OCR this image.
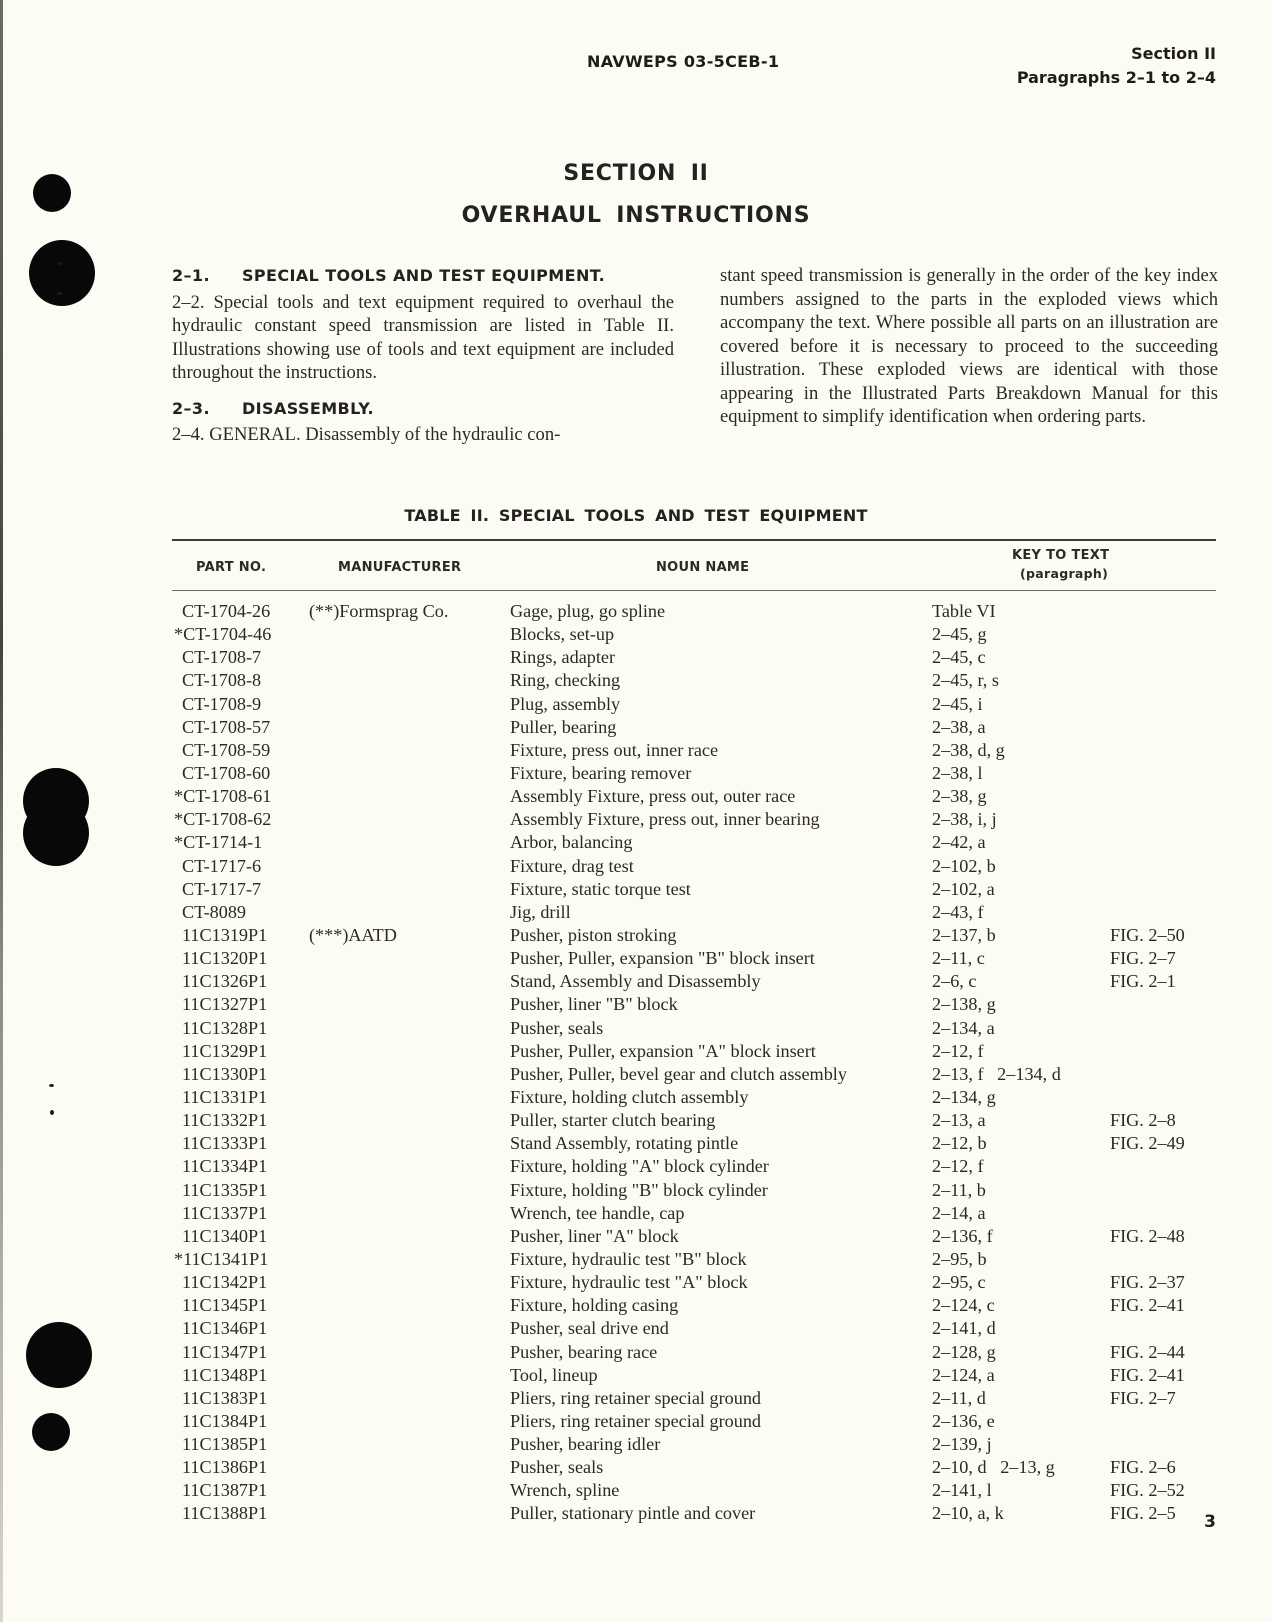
NAVWEPS 03-5CEB-1	Section II
Paragraphs 2–1 to 2–4
SECTION II
OVERHAUL INSTRUCTIONS

2–1. SPECIAL TOOLS AND TEST EQUIPMENT.

2–2. Special tools and text equipment required to overhaul the hydraulic constant speed transmission are listed in Table II. Illustrations showing use of tools and text equipment are included throughout the instructions.

2–3. DISASSEMBLY.

2–4. GENERAL. Disassembly of the hydraulic con-

stant speed transmission is generally in the order of the key index numbers assigned to the parts in the exploded views which accompany the text. Where possible all parts on an illustration are covered before it is necessary to proceed to the succeeding illustration. These exploded views are identical with those appearing in the Illustrated Parts Breakdown Manual for this equipment to simplify identification when ordering parts.

TABLE II. SPECIAL TOOLS AND TEST EQUIPMENT
PART NO.	MANUFACTURER	NOUN NAME
KEY TO TEXT
(paragraph)
CT-1704-26 (**)Formsprag Co.	Gage, plug, go spline	Table VI
*CT-1704-46	Blocks, set-up	2–45, g
CT-1708-7	Rings, adapter	2–45, c
CT-1708-8	Ring, checking	2–45, r, s
CT-1708-9	Plug, assembly	2–45, i
CT-1708-57	Puller, bearing	2–38, a
CT-1708-59	Fixture, press out, inner race	2–38, d, g
CT-1708-60	Fixture, bearing remover	2–38, l
*CT-1708-61	Assembly Fixture, press out, outer race	2–38, g
*CT-1708-62	Assembly Fixture, press out, inner bearing	2–38, i, j
*CT-1714-1	Arbor, balancing	2–42, a
CT-1717-6	Fixture, drag test	2–102, b
CT-1717-7	Fixture, static torque test	2–102, a
CT-8089	Jig, drill	2–43, f
11C1319P1 (***)AATD	Pusher, piston stroking	2–137, b	FIG. 2–50
11C1320P1	Pusher, Puller, expansion "B" block insert	2–11, c	FIG. 2–7
11C1326P1	Stand, Assembly and Disassembly	2–6, c	FIG. 2–1
11C1327P1	Pusher, liner "B" block	2–138, g
11C1328P1	Pusher, seals	2–134, a
11C1329P1	Pusher, Puller, expansion "A" block insert	2–12, f
11C1330P1	Pusher, Puller, bevel gear and clutch assembly	2–13, f   2–134, d
11C1331P1	Fixture, holding clutch assembly	2–134, g
11C1332P1	Puller, starter clutch bearing	2–13, a	FIG. 2–8
11C1333P1	Stand Assembly, rotating pintle	2–12, b	FIG. 2–49
11C1334P1	Fixture, holding "A" block cylinder	2–12, f
11C1335P1	Fixture, holding "B" block cylinder	2–11, b
11C1337P1	Wrench, tee handle, cap	2–14, a
11C1340P1	Pusher, liner "A" block	2–136, f	FIG. 2–48
*11C1341P1	Fixture, hydraulic test "B" block	2–95, b
11C1342P1	Fixture, hydraulic test "A" block	2–95, c	FIG. 2–37
11C1345P1	Fixture, holding casing	2–124, c	FIG. 2–41
11C1346P1	Pusher, seal drive end	2–141, d
11C1347P1	Pusher, bearing race	2–128, g	FIG. 2–44
11C1348P1	Tool, lineup	2–124, a	FIG. 2–41
11C1383P1	Pliers, ring retainer special ground	2–11, d	FIG. 2–7
11C1384P1	Pliers, ring retainer special ground	2–136, e
11C1385P1	Pusher, bearing idler	2–139, j
11C1386P1	Pusher, seals	2–10, d   2–13, g	FIG. 2–6
11C1387P1	Wrench, spline	2–141, l	FIG. 2–52
11C1388P1	Puller, stationary pintle and cover	2–10, a, k	FIG. 2–5 3
